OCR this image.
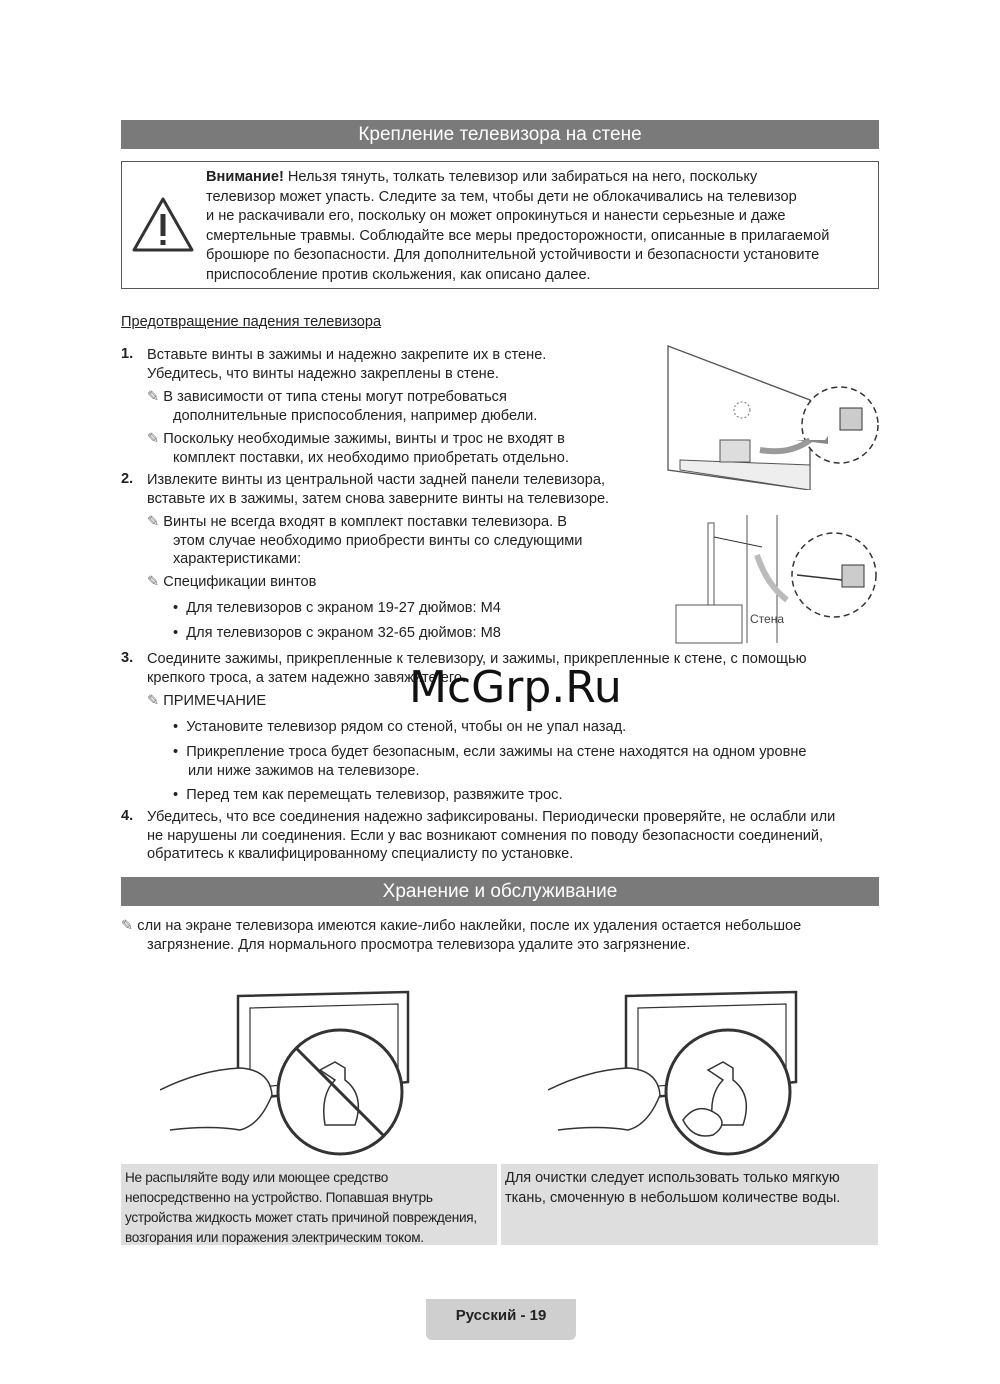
Крепление телевизора на стене
Внимание! Нельзя тянуть, толкать телевизор или забираться на него, поскольку
телевизор может упасть. Следите за тем, чтобы дети не облокачивались на телевизор
и не раскачивали его, поскольку он может опрокинуться и нанести серьезные и даже
смертельные травмы. Соблюдайте все меры предосторожности, описанные в прилагаемой
брошюре по безопасности. Для дополнительной устойчивости и безопасности установите
приспособление против скольжения, как описано далее.
Предотвращение падения телевизора
1. Вставьте винты в зажимы и надежно закрепите их в стене.
Убедитесь, что винты надежно закреплены в стене.
✎ В зависимости от типа стены могут потребоваться
дополнительные приспособления, например дюбели.
✎ Поскольку необходимые зажимы, винты и трос не входят в
комплект поставки, их необходимо приобретать отдельно.
2. Извлеките винты из центральной части задней панели телевизора,
вставьте их в зажимы, затем снова заверните винты на телевизоре.
✎ Винты не всегда входят в комплект поставки телевизора. В
этом случае необходимо приобрести винты со следующими
характеристиками:
✎ Спецификации винтов
•  Для телевизоров с экраном 19-27 дюймов: M4
•  Для телевизоров с экраном 32-65 дюймов: M8
Стена
3. Соедините зажимы, прикрепленные к телевизору, и зажимы, прикрепленные к стене, с помощью
крепкого троса, а затем надежно завяжите его.
✎ ПРИМЕЧАНИЕ
•  Установите телевизор рядом со стеной, чтобы он не упал назад.
•  Прикрепление троса будет безопасным, если зажимы на стене находятся на одном уровне
или ниже зажимов на телевизоре.
•  Перед тем как перемещать телевизор, развяжите трос.
4. Убедитесь, что все соединения надежно зафиксированы. Периодически проверяйте, не ослабли или
не нарушены ли соединения. Если у вас возникают сомнения по поводу безопасности соединений,
обратитесь к квалифицированному специалисту по установке.
McGrp.Ru
Хранение и обслуживание
✎ сли на экране телевизора имеются какие-либо наклейки, после их удаления остается небольшое
загрязнение. Для нормального просмотра телевизора удалите это загрязнение.
Не распыляйте воду или моющее средство
непосредственно на устройство. Попавшая внутрь
устройства жидкость может стать причиной повреждения,
возгорания или поражения электрическим током.
Для очистки следует использовать только мягкую
ткань, смоченную в небольшом количестве воды.
Русский - 19
